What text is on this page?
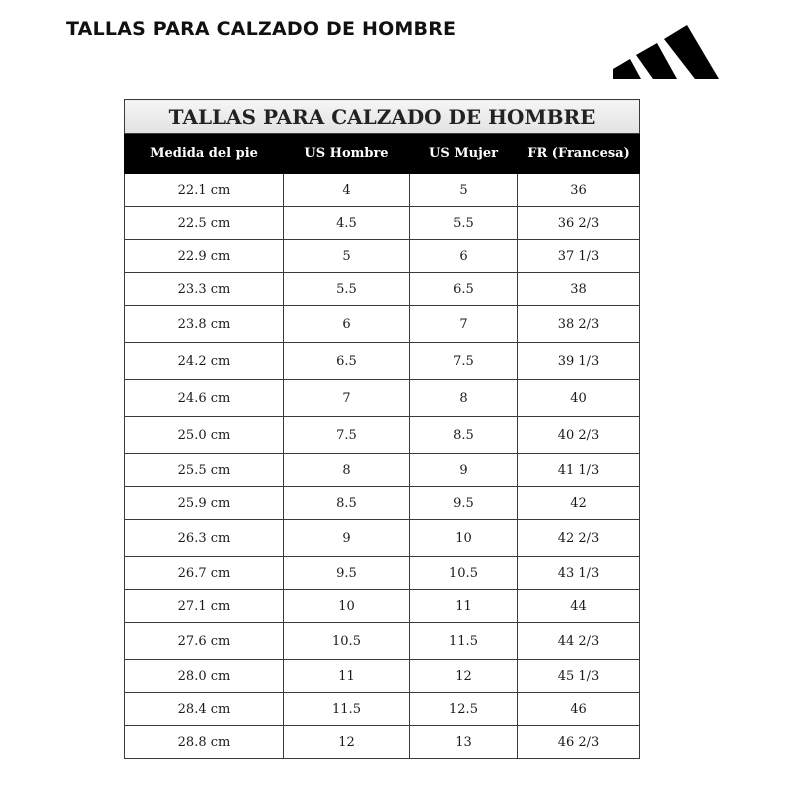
TALLAS PARA CALZADO DE HOMBRE
TALLAS PARA CALZADO DE HOMBRE			
Medida del pie	US Hombre	US Mujer	FR (Francesa)
22.1 cm	4	5	36
22.5 cm	4.5	5.5	36 2/3
22.9 cm	5	6	37 1/3
23.3 cm	5.5	6.5	38
23.8 cm	6	7	38 2/3
24.2 cm	6.5	7.5	39 1/3
24.6 cm	7	8	40
25.0 cm	7.5	8.5	40 2/3
25.5 cm	8	9	41 1/3
25.9 cm	8.5	9.5	42
26.3 cm	9	10	42 2/3
26.7 cm	9.5	10.5	43 1/3
27.1 cm	10	11	44
27.6 cm	10.5	11.5	44 2/3
28.0 cm	11	12	45 1/3
28.4 cm	11.5	12.5	46
28.8 cm	12	13	46 2/3
